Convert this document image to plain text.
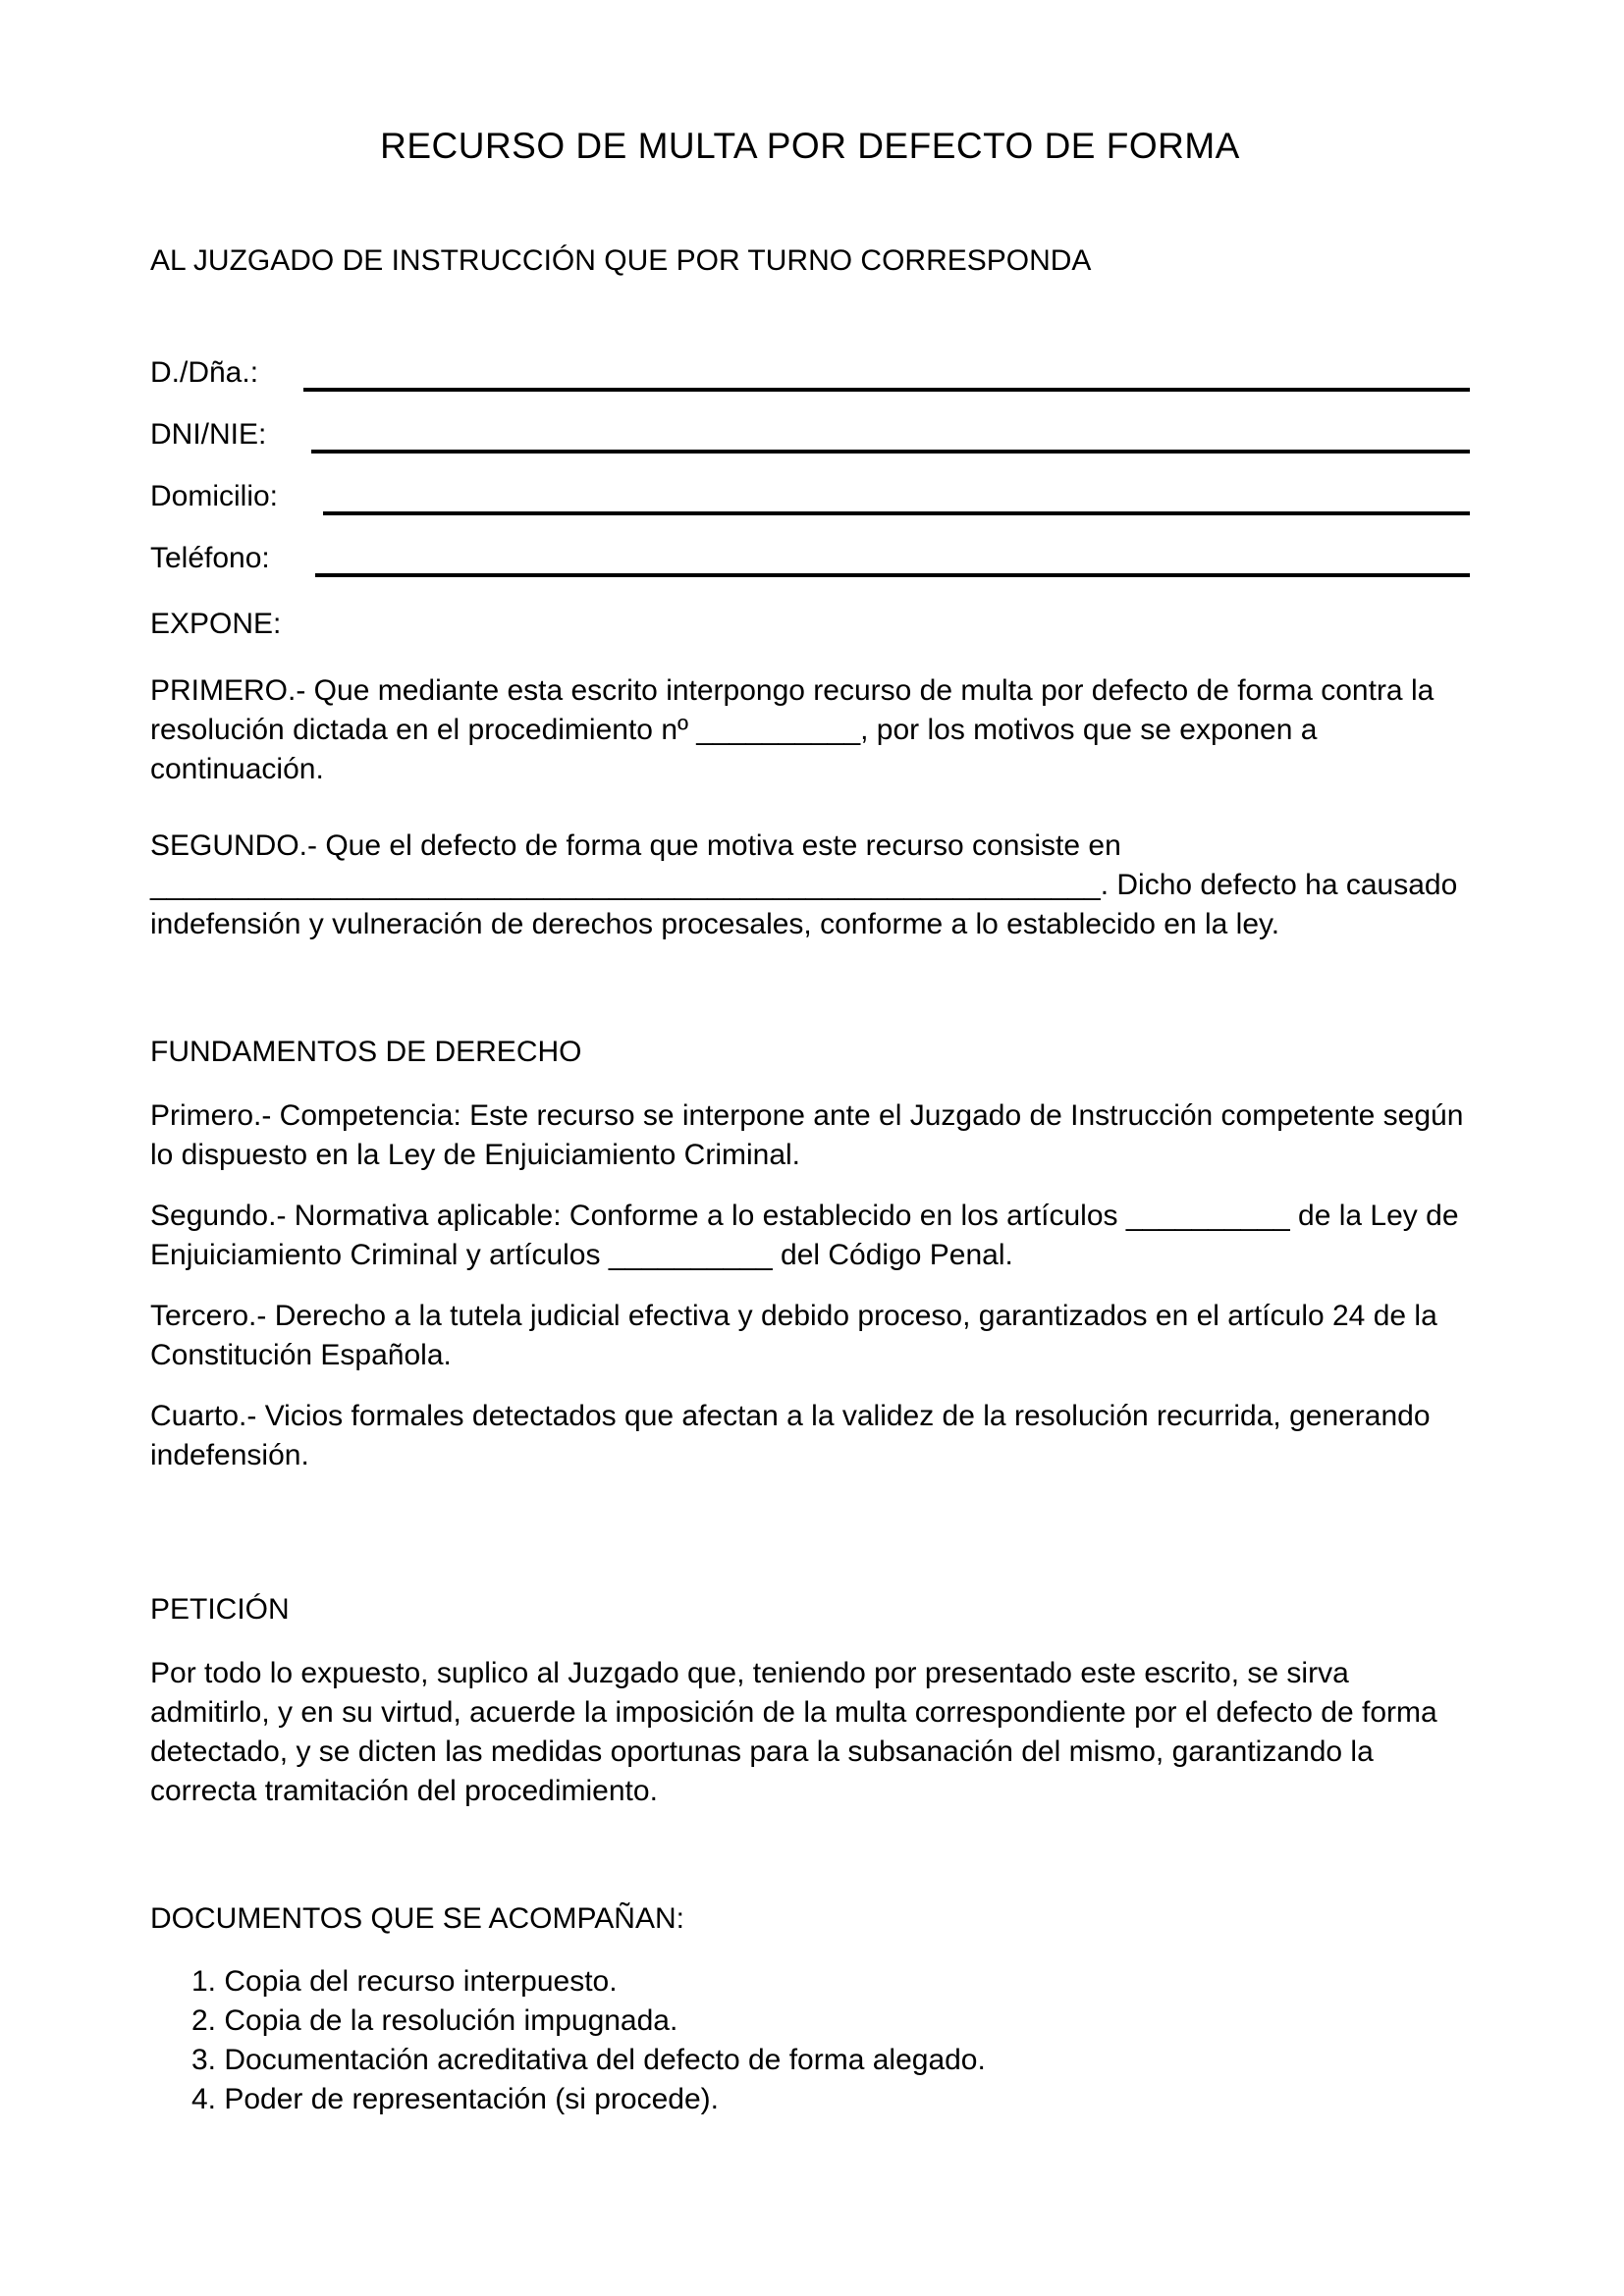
RECURSO DE MULTA POR DEFECTO DE FORMA

AL JUZGADO DE INSTRUCCIÓN QUE POR TURNO CORRESPONDA

D./Dña.:
DNI/NIE:
Domicilio:
Teléfono:

EXPONE:

PRIMERO.- Que mediante esta escrito interpongo recurso de multa por defecto de forma contra la resolución dictada en el procedimiento nº __________, por los motivos que se exponen a continuación.

SEGUNDO.- Que el defecto de forma que motiva este recurso consiste en __________________________________________________________. Dicho defecto ha causado indefensión y vulneración de derechos procesales, conforme a lo establecido en la ley.

FUNDAMENTOS DE DERECHO

Primero.- Competencia: Este recurso se interpone ante el Juzgado de Instrucción competente según lo dispuesto en la Ley de Enjuiciamiento Criminal.

Segundo.- Normativa aplicable: Conforme a lo establecido en los artículos __________ de la Ley de Enjuiciamiento Criminal y artículos __________ del Código Penal.

Tercero.- Derecho a la tutela judicial efectiva y debido proceso, garantizados en el artículo 24 de la Constitución Española.

Cuarto.- Vicios formales detectados que afectan a la validez de la resolución recurrida, generando indefensión.

PETICIÓN

Por todo lo expuesto, suplico al Juzgado que, teniendo por presentado este escrito, se sirva admitirlo, y en su virtud, acuerde la imposición de la multa correspondiente por el defecto de forma detectado, y se dicten las medidas oportunas para la subsanación del mismo, garantizando la correcta tramitación del procedimiento.

DOCUMENTOS QUE SE ACOMPAÑAN:

1. Copia del recurso interpuesto.
2. Copia de la resolución impugnada.
3. Documentación acreditativa del defecto de forma alegado.
4. Poder de representación (si procede).
